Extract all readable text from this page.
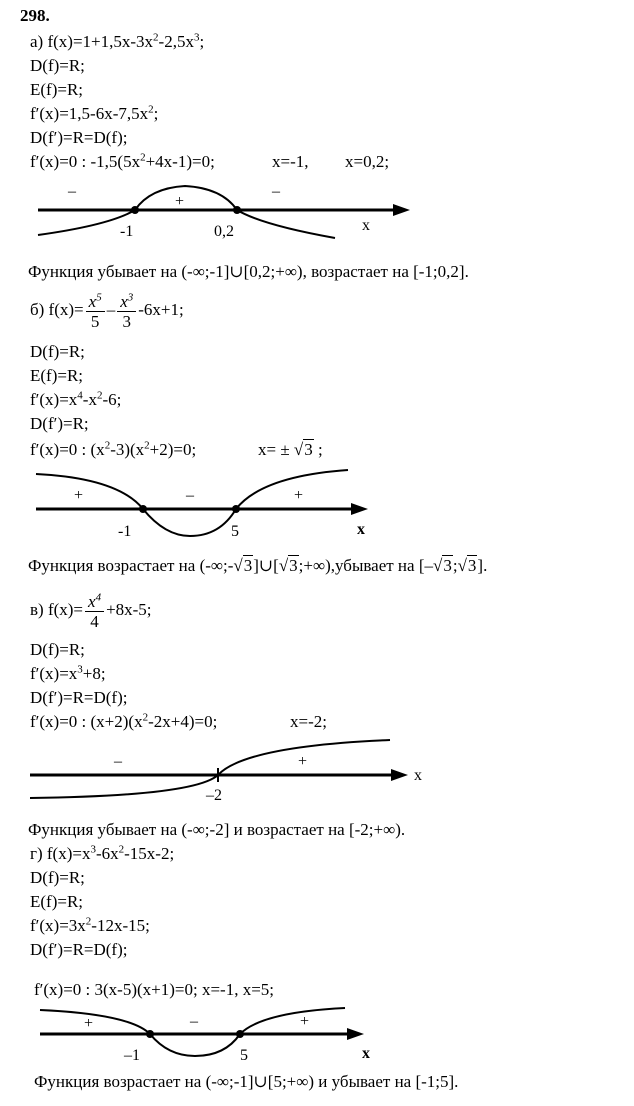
298.
а) $f(x)=1+1,5x-3x^2-2,5x^3$;
D(f)=R;
E(f)=R;
$f'(x)=1,5-6x-7,5x^2$;
D(f′)=R=D(f);
f′(x)=0 : $-1,5(5x^2+4x-1)=0$;	x=-1, x=0,2;
–
+
–
-1	0,2	x
Функция убывает на (-∞;-1]∪[0,2;+∞), возрастает на [-1;0,2].
б) $f(x)= \frac{x^5}{5} - \frac{x^3}{3} -6x+1$;
D(f)=R;
E(f)=R;
$f'(x)=x^4-x^2-6$;
D(f′)=R;
f′(x)=0 : $(x^2-3)(x^2+2)=0$;	x= ± √3 ;
+	–	+
-1	5	x
Функция возрастает на (-∞;-√3]∪[√3;+∞),убывает на [–√3;√3].
в) $f(x)= \frac{x^4}{4} +8x-5$;
D(f)=R;
$f'(x)=x^3+8$;
D(f′)=R=D(f);
f′(x)=0 : $(x+2)(x^2-2x+4)=0$;	x=-2;
–	+
–2
x
Функция убывает на (-∞;-2] и возрастает на [-2;+∞).
г) $f(x)=x^3-6x^2-15x-2$;
D(f)=R;
E(f)=R;
$f'(x)=3x^2-12x-15$;
D(f′)=R=D(f);
f′(x)=0 : 3(x-5)(x+1)=0; x=-1, x=5;
+	–	+
–1	5	x
Функция возрастает на (-∞;-1]∪[5;+∞) и убывает на [-1;5].
